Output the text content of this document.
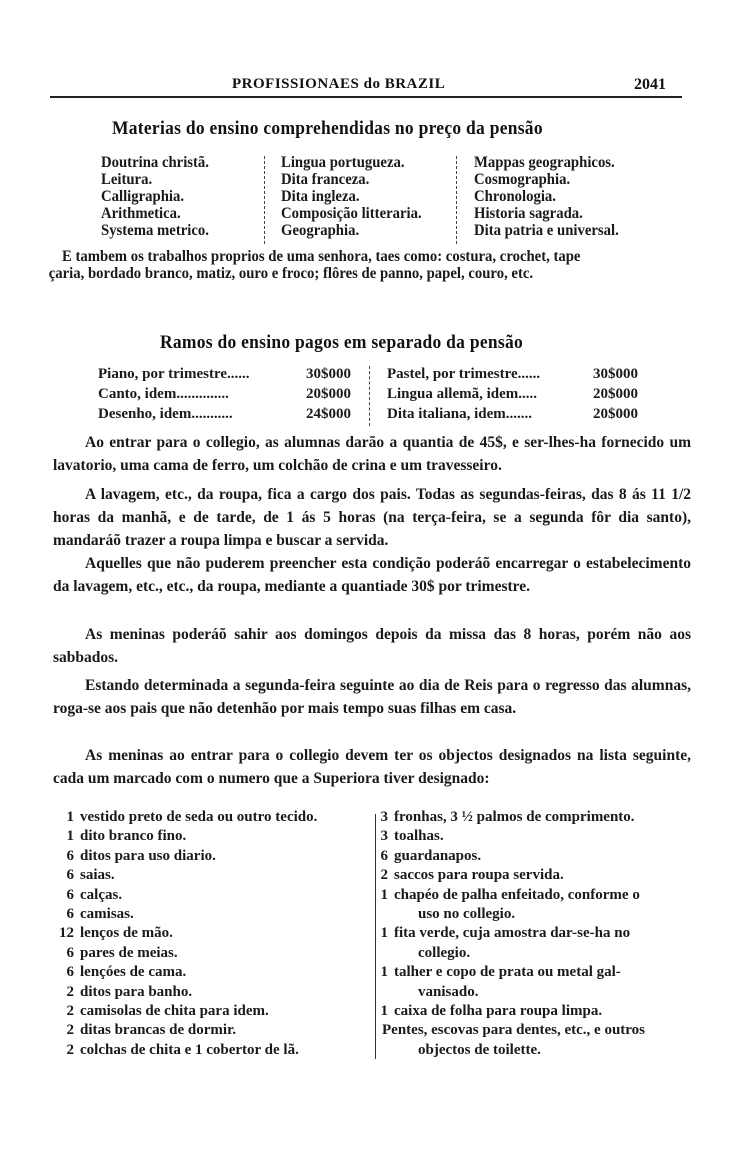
PROFISSIONAES do BRAZIL	2041
Materias do ensino comprehendidas no preço da pensão
Doutrina christã.
Leitura.
Calligraphia.
Arithmetica.
Systema metrico.
Lingua portugueza.
Dita franceza.
Dita ingleza.
Composição litteraria.
Geographia.
Mappas geographicos.
Cosmographia.
Chronologia.
Historia sagrada.
Dita patria e universal.
E tambem os trabalhos proprios de uma senhora, taes como: costura, crochet, tape
çaria, bordado branco, matiz, ouro e froco; flôres de panno, papel, couro, etc.
Ramos do ensino pagos em separado da pensão
Piano, por trimestre......	30$000
Canto, idem..............	20$000
Desenho, idem...........	24$000
Pastel, por trimestre......	30$000
Lingua allemã, idem.....	20$000
Dita italiana, idem.......	20$000
Ao entrar para o collegio, as alumnas darão a quantia de 45$, e ser-lhes-ha fornecido um lavatorio, uma cama de ferro, um colchão de crina e um travesseiro.
A lavagem, etc., da roupa, fica a cargo dos pais. Todas as segundas-feiras, das 8 ás 11 1/2 horas da manhã, e de tarde, de 1 ás 5 horas (na terça-feira, se a segunda fôr dia santo), mandaráõ trazer a roupa limpa e buscar a servida.
Aquelles que não puderem preencher esta condição poderáõ encarregar o estabelecimento da lavagem, etc., etc., da roupa, mediante a quantiade 30$ por trimestre.
As meninas poderáõ sahir aos domingos depois da missa das 8 horas, porém não aos sabbados.
Estando determinada a segunda-feira seguinte ao dia de Reis para o regresso das alumnas, roga-se aos pais que não detenhão por mais tempo suas filhas em casa.
As meninas ao entrar para o collegio devem ter os objectos designados na lista seguinte, cada um marcado com o numero que a Superiora tiver designado:
1 vestido preto de seda ou outro tecido.
1 dito branco fino.
6 ditos para uso diario.
6 saias.
6 calças.
6 camisas.
12 lenços de mão.
6 pares de meias.
6 lençóes de cama.
2 ditos para banho.
2 camisolas de chita para idem.
2 ditas brancas de dormir.
2 colchas de chita e 1 cobertor de lã.
3 fronhas, 3 ½ palmos de comprimento.
3 toalhas.
6 guardanapos.
2 saccos para roupa servida.
1 chapéo de palha enfeitado, conforme o
uso no collegio.
1 fita verde, cuja amostra dar-se-ha no
collegio.
1 talher e copo de prata ou metal gal-
vanisado.
1 caixa de folha para roupa limpa.
Pentes, escovas para dentes, etc., e outros
objectos de toilette.
